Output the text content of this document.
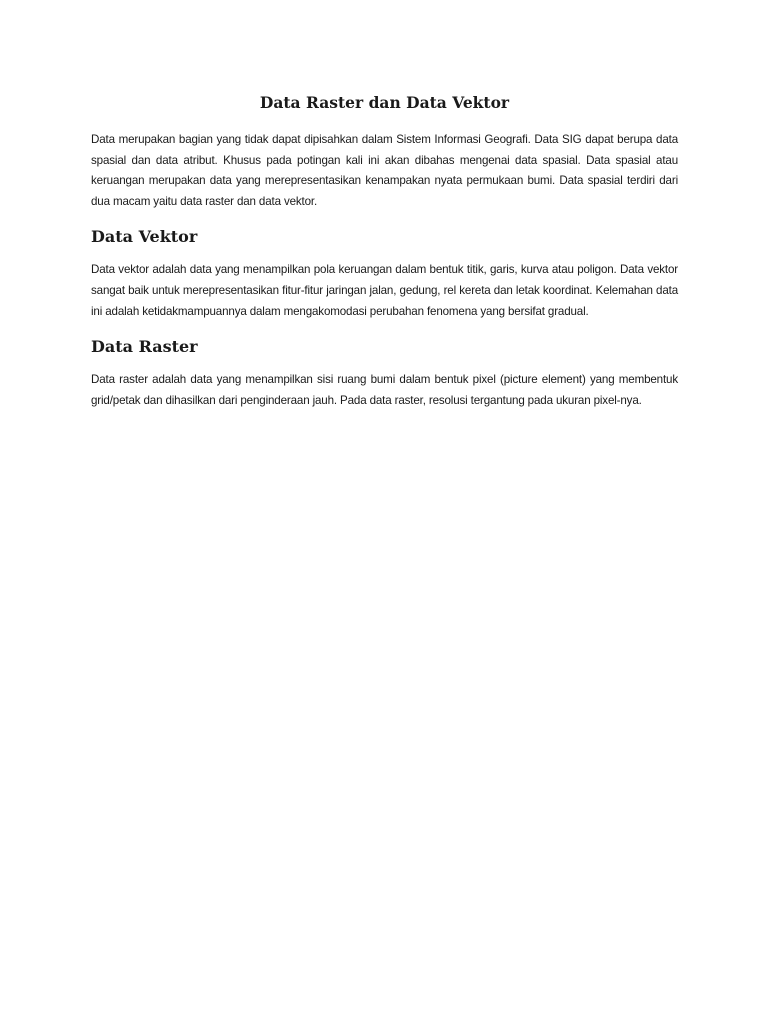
Data Raster dan Data Vektor

Data merupakan bagian yang tidak dapat dipisahkan dalam Sistem Informasi Geografi. Data SIG dapat berupa data spasial dan data atribut. Khusus pada potingan kali ini akan dibahas mengenai data spasial. Data spasial atau keruangan merupakan data yang merepresentasikan kenampakan nyata permukaan bumi. Data spasial terdiri dari dua macam yaitu data raster dan data vektor.

Data Vektor

Data vektor adalah data yang menampilkan pola keruangan dalam bentuk titik, garis, kurva atau poligon. Data vektor sangat baik untuk merepresentasikan fitur-fitur jaringan jalan, gedung, rel kereta dan letak koordinat. Kelemahan data ini adalah ketidakmampuannya dalam mengakomodasi perubahan fenomena yang bersifat gradual.

Data Raster

Data raster adalah data yang menampilkan sisi ruang bumi dalam bentuk pixel (picture element) yang membentuk grid/petak dan dihasilkan dari penginderaan jauh. Pada data raster, resolusi tergantung pada ukuran pixel-nya.
